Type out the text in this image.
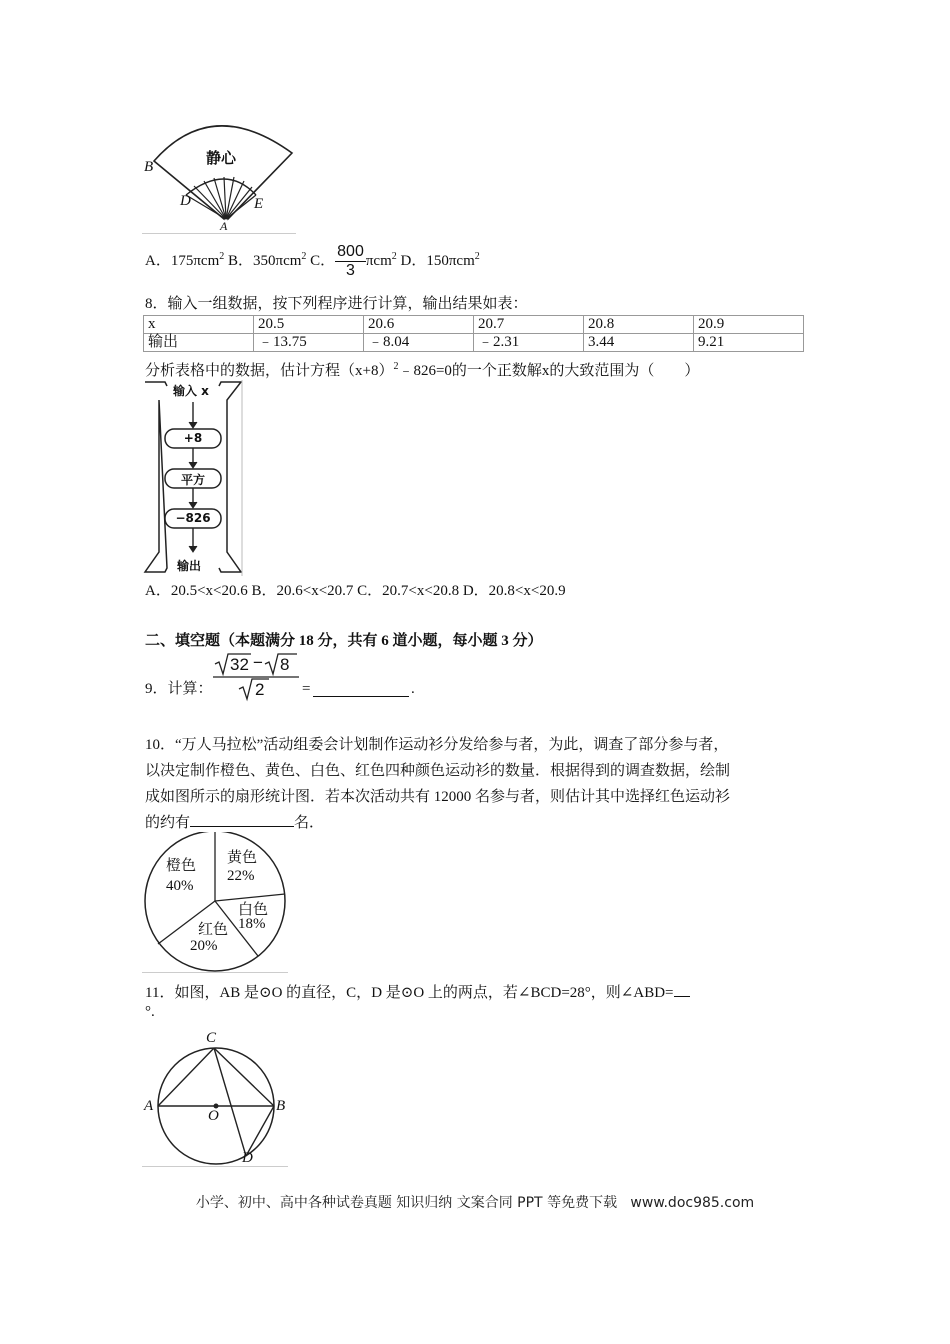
静心
B
D	E
A
A．175πcm$^2$ B．350πcm$^2$ C． $\frac{800}{3} \pi cm^2$ D．150πcm$^2$
8．输入一组数据，按下列程序进行计算，输出结果如表：
x	20.5	20.6	20.7	20.8	20.9
输出	﹣13.75	﹣8.04	﹣2.31	3.44	9.21
分析表格中的数据，估计方程$(x+8)^2﹣826=0$的一个正数解x的大致范围为（　　）
输入 x
+8
平方
−826
输出
A．20.5<x<20.6 B．20.6<x<20.7 C．20.7<x<20.8 D．20.8<x<20.9
二、填空题（本题满分 18 分，共有 6 道小题，每小题 3 分）
9．计算：
32 − 8
2	=	.
10．“万人马拉松”活动组委会计划制作运动衫分发给参与者，为此，调查了部分参与者，
以决定制作橙色、黄色、白色、红色四种颜色运动衫的数量．根据得到的调查数据，绘制
成如图所示的扇形统计图．若本次活动共有 12000 名参与者，则估计其中选择红色运动衫
的约有	名．
橙色
40%
黄色
22%
白色
18%
红色
20%
11．如图，AB 是⊙O 的直径，C，D 是⊙O 上的两点，若∠BCD=28°，则∠ABD=
°.
C
A
O
B
D
小学、初中、高中各种试卷真题 知识归纳 文案合同 PPT 等免费下载   www.doc985.com
